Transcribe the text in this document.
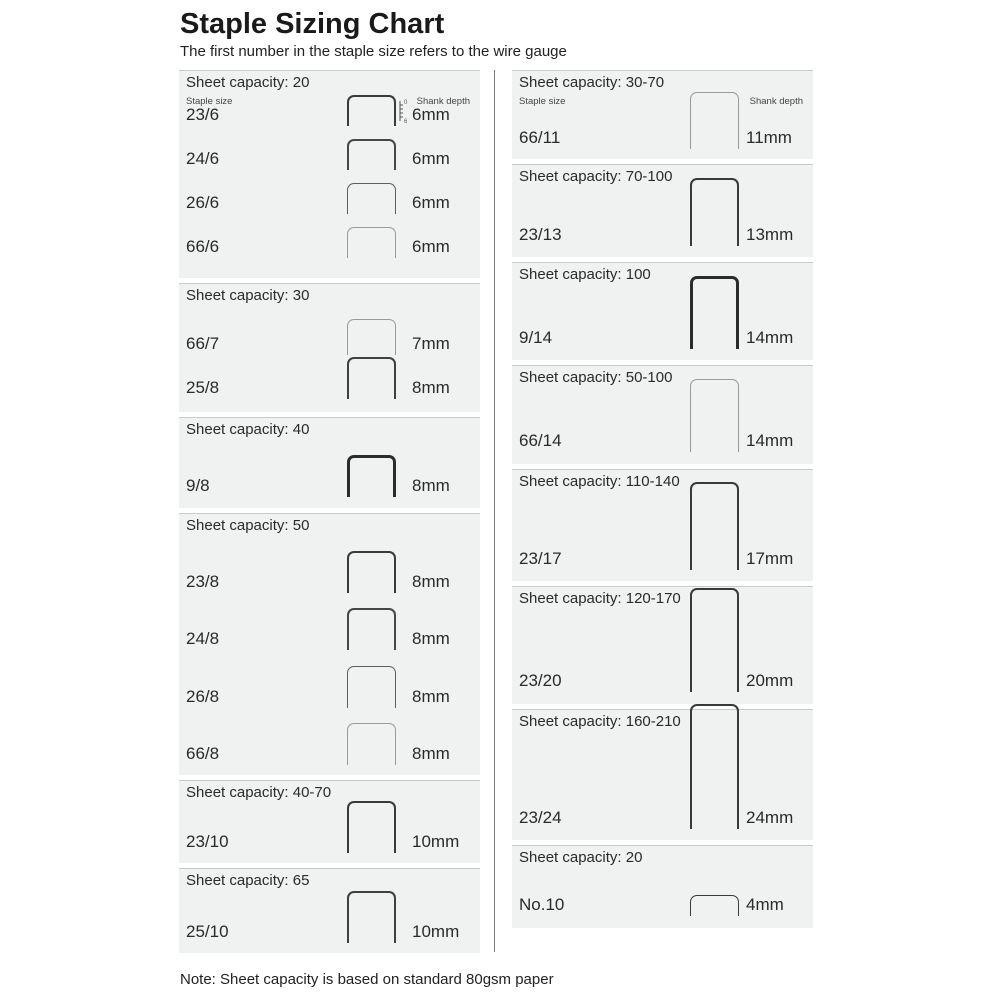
Staple Sizing Chart
The first number in the staple size refers to the wire gauge
Sheet capacity: 20
Staple size	Shank depth
23/6	6mm
0
6
24/6	6mm
26/6	6mm
66/6	6mm
Sheet capacity: 30
66/7	7mm
25/8	8mm
Sheet capacity: 40
9/8	8mm
Sheet capacity: 50
23/8	8mm
24/8	8mm
26/8	8mm
66/8	8mm
Sheet capacity: 40-70
23/10	10mm
Sheet capacity: 65
25/10	10mm
Sheet capacity: 30-70
Staple size	Shank depth
66/11	11mm
Sheet capacity: 70-100
23/13	13mm
Sheet capacity: 100
9/14	14mm
Sheet capacity: 50-100
66/14	14mm
Sheet capacity: 110-140
23/17	17mm
Sheet capacity: 120-170
23/20	20mm
Sheet capacity: 160-210
23/24	24mm
Sheet capacity: 20
No.10	4mm
Note: Sheet capacity is based on standard 80gsm paper
